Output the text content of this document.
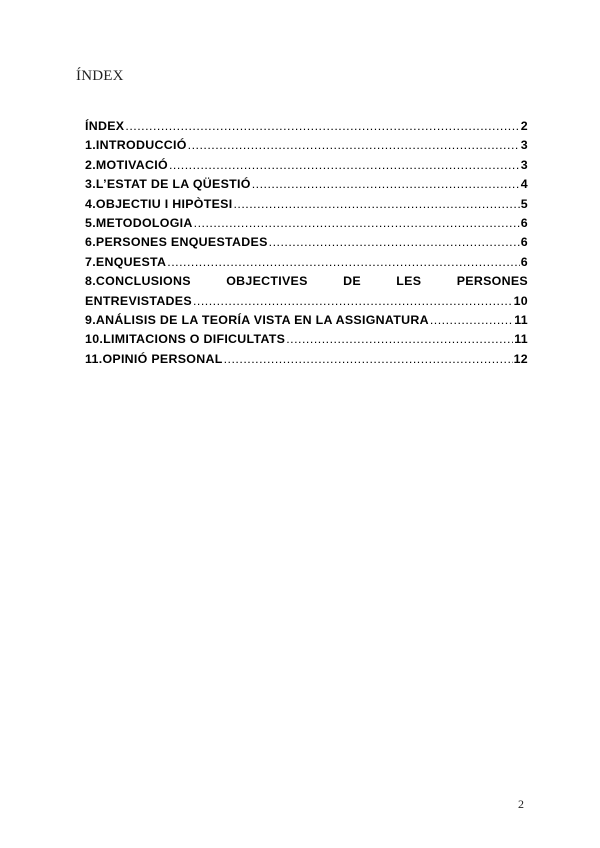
ÍNDEX
ÍNDEX .....	2
1.INTRODUCCIÓ .....	3
2.MOTIVACIÓ .....	3
3.L’ESTAT DE LA QÜESTIÓ .....	4
4.OBJECTIU I HIPÒTESI .....	5
5.METODOLOGIA .....	6
6.PERSONES ENQUESTADES .....	6
7.ENQUESTA .....	6
8.CONCLUSIONS	OBJECTIVES	DE	LES	PERSONES
ENTREVISTADES .....	10
9.ANÁLISIS DE LA TEORÍA VISTA EN LA ASSIGNATURA .....	11
10.LIMITACIONS O DIFICULTATS .....	11
11.OPINIÓ PERSONAL .....	12
2
